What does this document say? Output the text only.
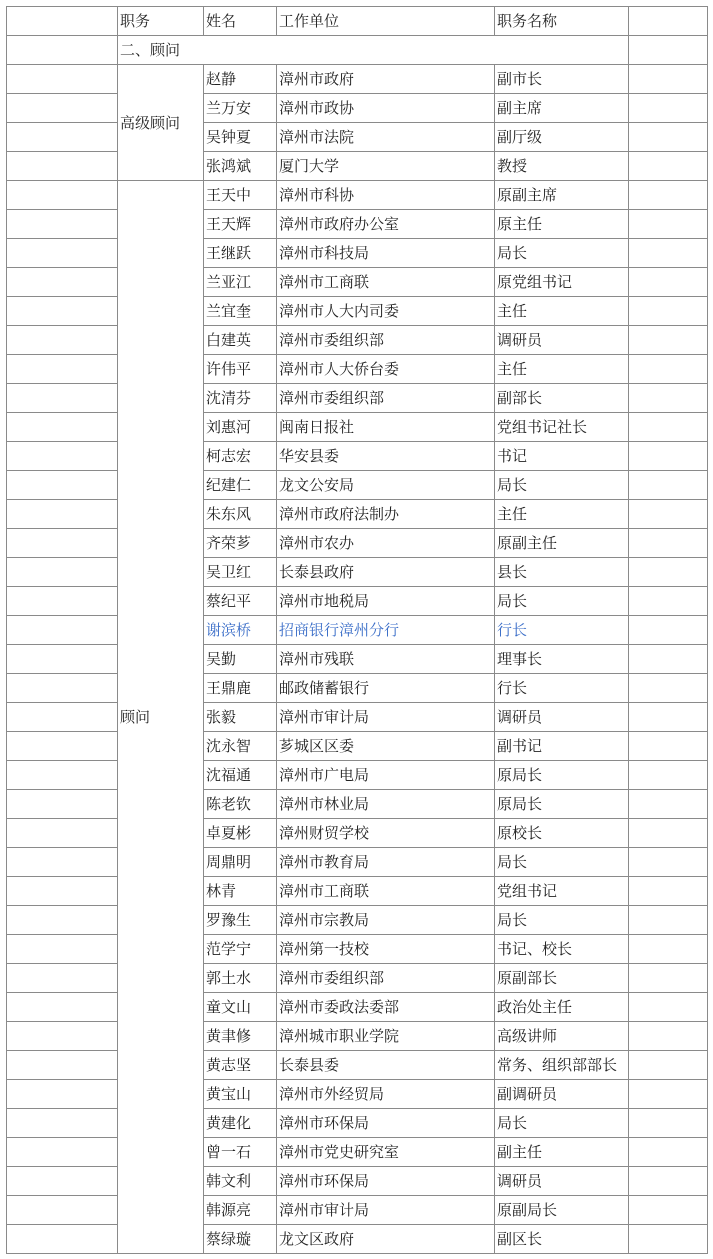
	职务	姓名	工作单位	职务名称	
	二、顾问				
	高级顾问	赵静	漳州市政府	副市长	
		兰万安	漳州市政协	副主席	
		吴钟夏	漳州市法院	副厅级	
		张鸿斌	厦门大学	教授	
	顾问	王天中	漳州市科协	原副主席	
		王天辉	漳州市政府办公室	原主任	
		王继跃	漳州市科技局	局长	
		兰亚江	漳州市工商联	原党组书记	
		兰宜奎	漳州市人大内司委	主任	
		白建英	漳州市委组织部	调研员	
		许伟平	漳州市人大侨台委	主任	
		沈清芬	漳州市委组织部	副部长	
		刘惠河	闽南日报社	党组书记社长	
		柯志宏	华安县委	书记	
		纪建仁	龙文公安局	局长	
		朱东风	漳州市政府法制办	主任	
		齐荣芗	漳州市农办	原副主任	
		吴卫红	长泰县政府	县长	
		蔡纪平	漳州市地税局	局长	
		谢滨桥	招商银行漳州分行	行长	
		吴勤	漳州市残联	理事长	
		王鼎鹿	邮政储蓄银行	行长	
		张毅	漳州市审计局	调研员	
		沈永智	芗城区区委	副书记	
		沈福通	漳州市广电局	原局长	
		陈老钦	漳州市林业局	原局长	
		卓夏彬	漳州财贸学校	原校长	
		周鼎明	漳州市教育局	局长	
		林青	漳州市工商联	党组书记	
		罗豫生	漳州市宗教局	局长	
		范学宁	漳州第一技校	书记、校长	
		郭土水	漳州市委组织部	原副部长	
		童文山	漳州市委政法委部	政治处主任	
		黄聿修	漳州城市职业学院	高级讲师	
		黄志坚	长泰县委	常务、组织部部长	
		黄宝山	漳州市外经贸局	副调研员	
		黄建化	漳州市环保局	局长	
		曾一石	漳州市党史研究室	副主任	
		韩文利	漳州市环保局	调研员	
		韩源亮	漳州市审计局	原副局长	
		蔡绿璇	龙文区政府	副区长	
